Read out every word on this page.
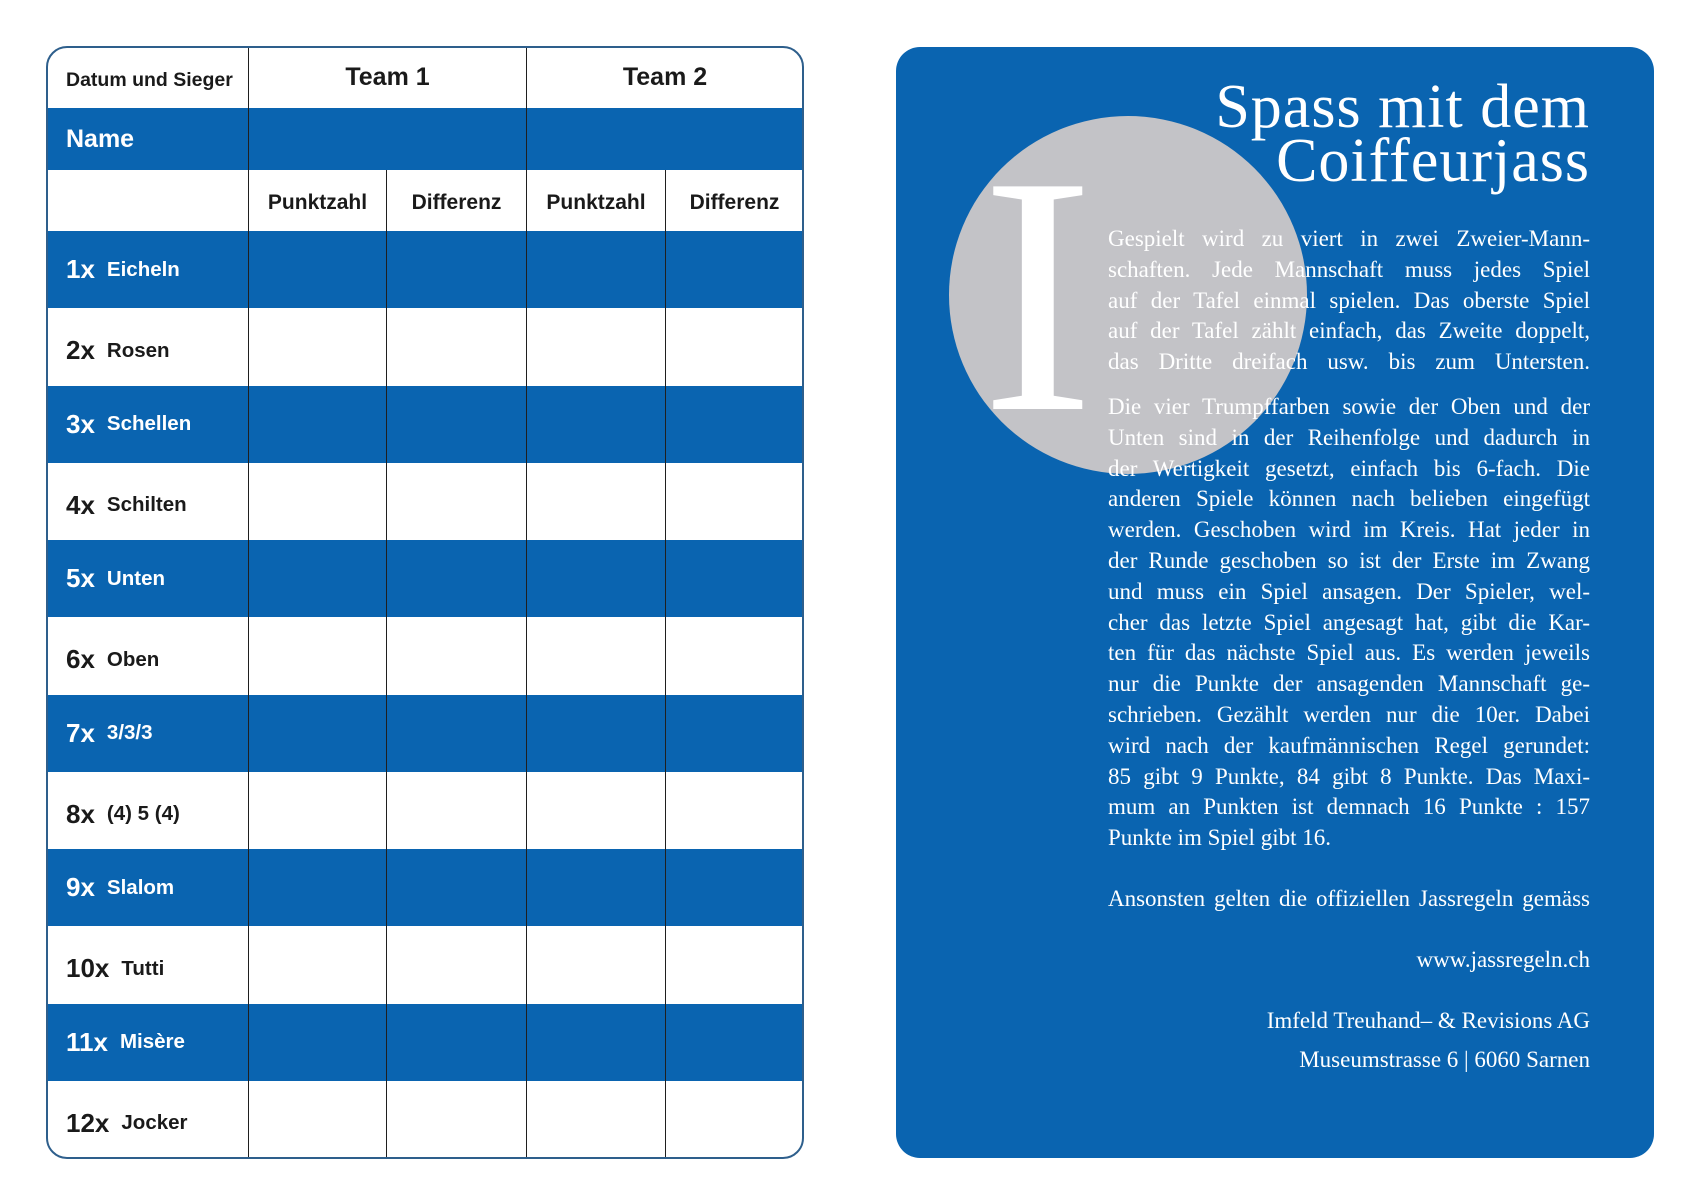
Datum und Sieger	Team 1	Team 2
Name
Punktzahl	Differenz	Punktzahl	Differenz
1x Eicheln
2x Rosen
3x Schellen
4x Schilten
5x Unten
6x Oben
7x 3/3/3
8x (4) 5 (4)
9x Slalom
10x Tutti
11x Misère
12x Jocker
I Spass mit dem
Coiffeurjass
Gespielt wird zu viert in zwei Zweier-Mann-
schaften. Jede Mannschaft muss jedes Spiel
auf der Tafel einmal spielen. Das oberste Spiel
auf der Tafel zählt einfach, das Zweite doppelt,
das Dritte dreifach usw. bis zum Untersten.
Die vier Trumpffarben sowie der Oben und der
Unten sind in der Reihenfolge und dadurch in
der Wertigkeit gesetzt, einfach bis 6-fach. Die
anderen Spiele können nach belieben eingefügt
werden. Geschoben wird im Kreis. Hat jeder in
der Runde geschoben so ist der Erste im Zwang
und muss ein Spiel ansagen. Der Spieler, wel-
cher das letzte Spiel angesagt hat, gibt die Kar-
ten für das nächste Spiel aus. Es werden jeweils
nur die Punkte der ansagenden Mannschaft ge-
schrieben. Gezählt werden nur die 10er. Dabei
wird nach der kaufmännischen Regel gerundet:
85 gibt 9 Punkte, 84 gibt 8 Punkte. Das Maxi-
mum an Punkten ist demnach 16 Punkte : 157
Punkte im Spiel gibt 16.
Ansonsten gelten die offiziellen Jassregeln gemäss
www.jassregeln.ch
Imfeld Treuhand– & Revisions AG
Museumstrasse 6 | 6060 Sarnen
